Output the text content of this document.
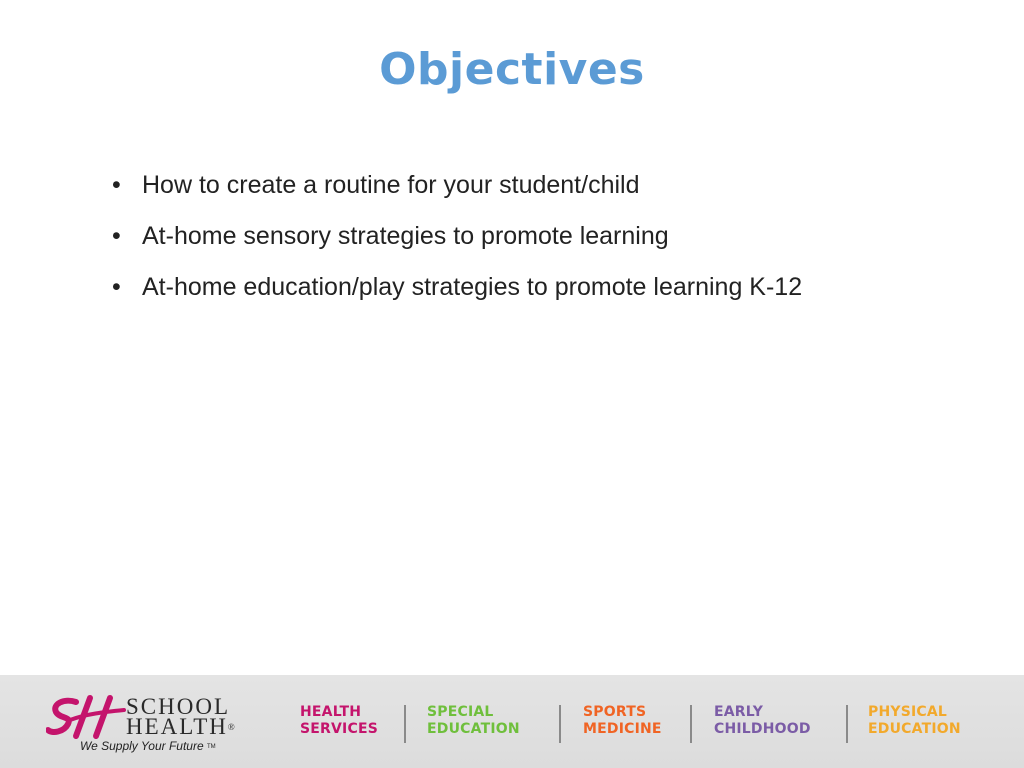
Objectives
• How to create a routine for your student/child
• At-home sensory strategies to promote learning
• At-home education/play strategies to promote learning K-12
SCHOOL
HEALTH®
We Supply Your Future TM
HEALTH
SERVICES
SPECIAL
EDUCATION
SPORTS
MEDICINE
EARLY
CHILDHOOD
PHYSICAL
EDUCATION
